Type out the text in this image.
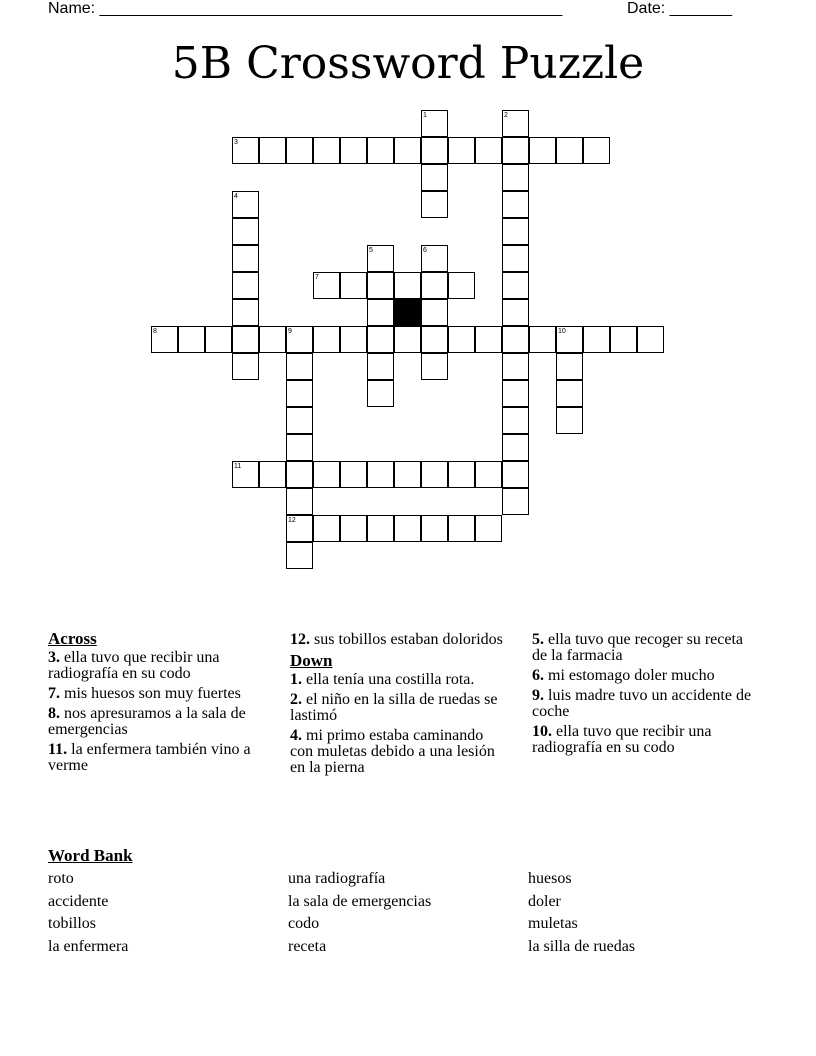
Name: ____________________________________________________	Date: _______
5B Crossword Puzzle
1	2
3
4
5	6
7
8	9	10
11
12
Across
3. ella tuvo que recibir una radiografía en su codo
7. mis huesos son muy fuertes
8. nos apresuramos a la sala de emergencias
11. la enfermera también vino a verme
12. sus tobillos estaban doloridos
Down
1. ella tenía una costilla rota.
2. el niño en la silla de ruedas se lastimó
4. mi primo estaba caminando con muletas debido a una lesión en la pierna
5. ella tuvo que recoger su receta de la farmacia
6. mi estomago doler mucho
9. luis madre tuvo un accidente de coche
10. ella tuvo que recibir una radiografía en su codo
Word Bank
roto
accidente
tobillos
la enfermera
una radiografía
la sala de emergencias
codo
receta
huesos
doler
muletas
la silla de ruedas
